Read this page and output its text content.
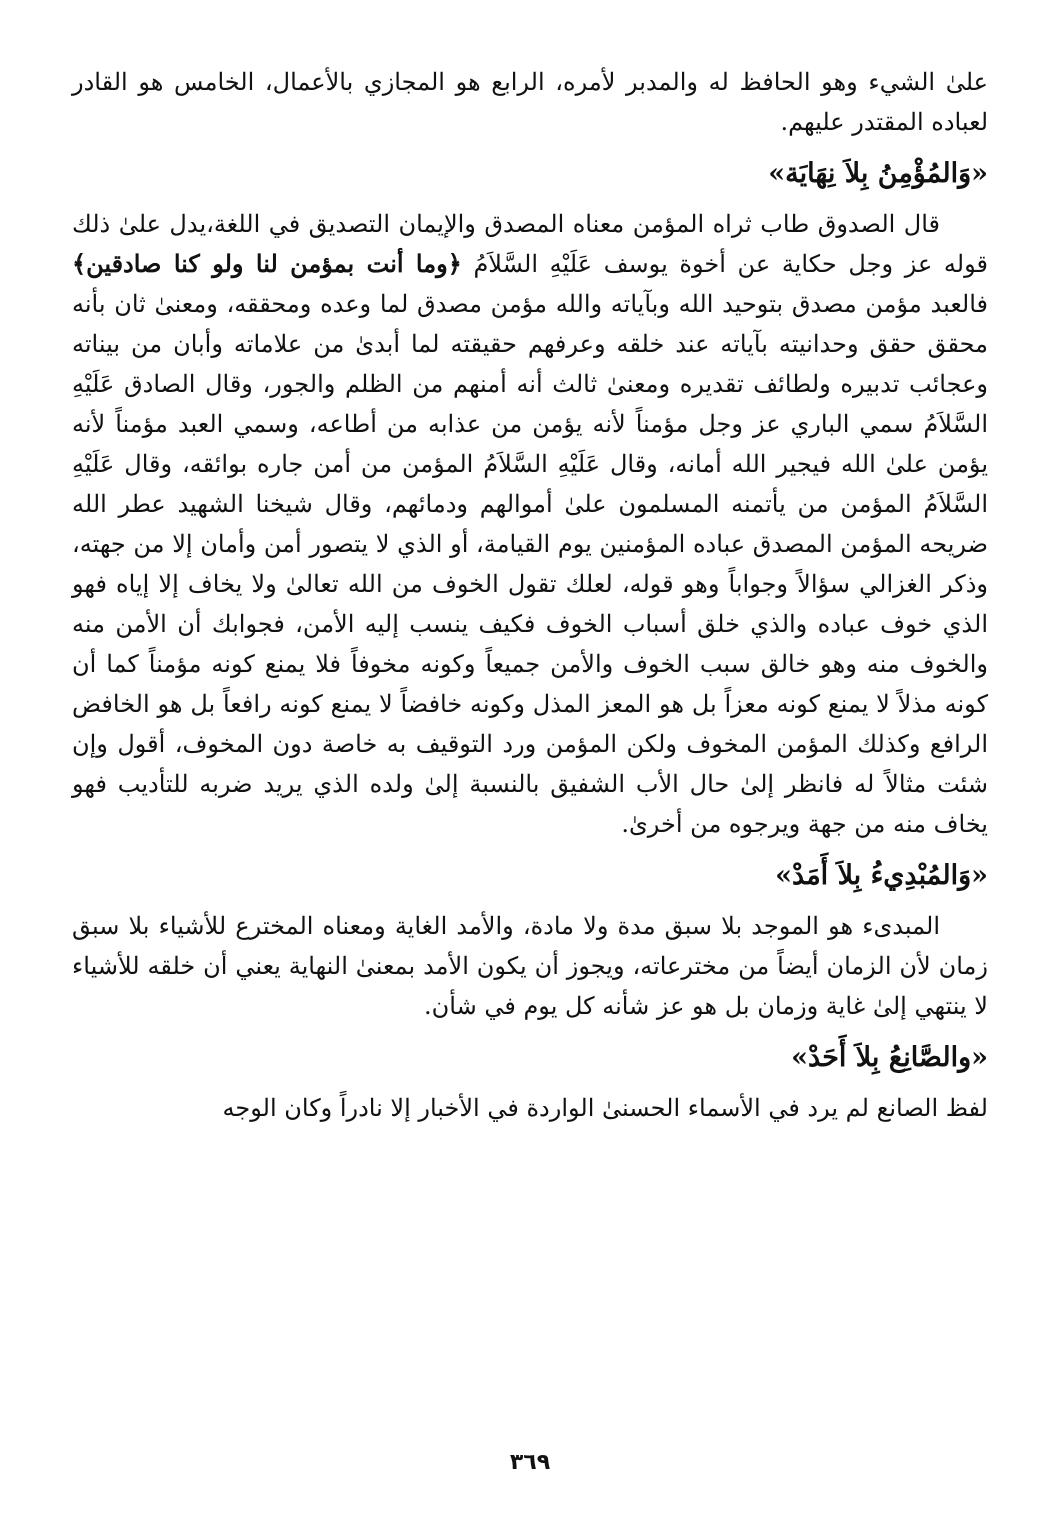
علىٰ الشيء وهو الحافظ له والمدبر لأمره، الرابع هو المجازي بالأعمال، الخامس هو القادر لعباده المقتدر عليهم.

«وَالمُؤْمِنُ بِلاَ نِهَايَة»

قال الصدوق طاب ثراه المؤمن معناه المصدق والإيمان التصديق في اللغة،يدل علىٰ ذلك قوله عز وجل حكاية عن أخوة يوسف عَلَيْهِ السَّلاَمُ ﴿وما أنت بمؤمن لنا ولو كنا صادقين﴾ فالعبد مؤمن مصدق بتوحيد الله وبآياته والله مؤمن مصدق لما وعده ومحققه، ومعنىٰ ثان بأنه محقق حقق وحدانيته بآياته عند خلقه وعرفهم حقيقته لما أبدىٰ من علاماته وأبان من بيناته وعجائب تدبيره ولطائف تقديره ومعنىٰ ثالث أنه أمنهم من الظلم والجور، وقال الصادق عَلَيْهِ السَّلاَمُ سمي الباري عز وجل مؤمناً لأنه يؤمن من عذابه من أطاعه، وسمي العبد مؤمناً لأنه يؤمن علىٰ الله فيجير الله أمانه، وقال عَلَيْهِ السَّلاَمُ المؤمن من أمن جاره بوائقه، وقال عَلَيْهِ السَّلاَمُ المؤمن من يأتمنه المسلمون علىٰ أموالهم ودمائهم، وقال شيخنا الشهيد عطر الله ضريحه المؤمن المصدق عباده المؤمنين يوم القيامة، أو الذي لا يتصور أمن وأمان إلا من جهته، وذكر الغزالي سؤالاً وجواباً وهو قوله، لعلك تقول الخوف من الله تعالىٰ ولا يخاف إلا إياه فهو الذي خوف عباده والذي خلق أسباب الخوف فكيف ينسب إليه الأمن، فجوابك أن الأمن منه والخوف منه وهو خالق سبب الخوف والأمن جميعاً وكونه مخوفاً فلا يمنع كونه مؤمناً كما أن كونه مذلاً لا يمنع كونه معزاً بل هو المعز المذل وكونه خافضاً لا يمنع كونه رافعاً بل هو الخافض الرافع وكذلك المؤمن المخوف ولكن المؤمن ورد التوقيف به خاصة دون المخوف، أقول وإن شئت مثالاً له فانظر إلىٰ حال الأب الشفيق بالنسبة إلىٰ ولده الذي يريد ضربه للتأديب فهو يخاف منه من جهة ويرجوه من أخرىٰ.

«وَالمُبْدِيءُ بِلاَ أَمَدْ»

المبدىء هو الموجد بلا سبق مدة ولا مادة، والأمد الغاية ومعناه المخترع للأشياء بلا سبق زمان لأن الزمان أيضاً من مخترعاته، ويجوز أن يكون الأمد بمعنىٰ النهاية يعني أن خلقه للأشياء لا ينتهي إلىٰ غاية وزمان بل هو عز شأنه كل يوم في شأن.

«والصَّانِعُ بِلاَ أَحَدْ»

لفظ الصانع لم يرد في الأسماء الحسنىٰ الواردة في الأخبار إلا نادراً وكان الوجه

٣٦٩
